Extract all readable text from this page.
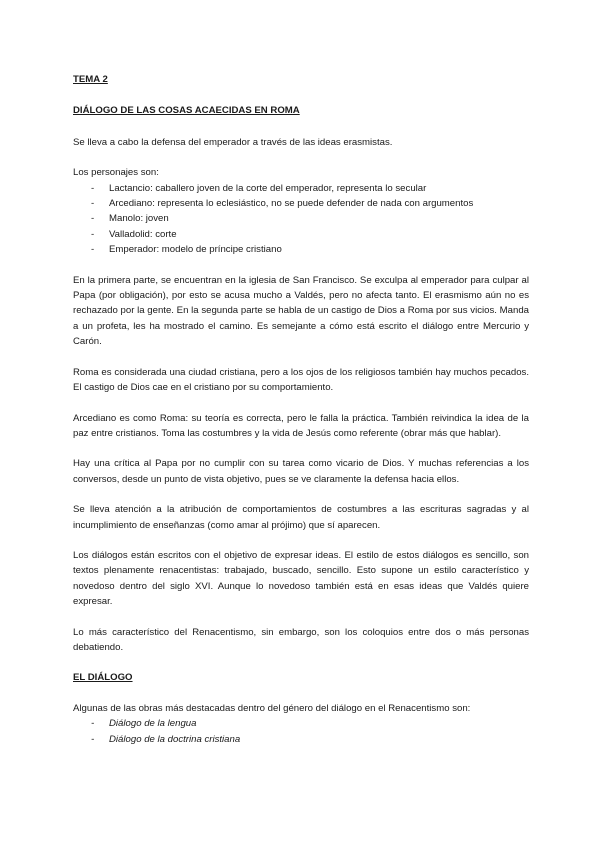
TEMA 2

DIÁLOGO DE LAS COSAS ACAECIDAS EN ROMA

Se lleva a cabo la defensa del emperador a través de las ideas erasmistas.

Los personajes son:

- Lactancio: caballero joven de la corte del emperador, representa lo secular
- Arcediano: representa lo eclesiástico, no se puede defender de nada con argumentos
- Manolo: joven
- Valladolid: corte
- Emperador: modelo de príncipe cristiano

En la primera parte, se encuentran en la iglesia de San Francisco. Se exculpa al emperador para culpar al Papa (por obligación), por esto se acusa mucho a Valdés, pero no afecta tanto. El erasmismo aún no es rechazado por la gente. En la segunda parte se habla de un castigo de Dios a Roma por sus vicios. Manda a un profeta, les ha mostrado el camino. Es semejante a cómo está escrito el diálogo entre Mercurio y Carón.

Roma es considerada una ciudad cristiana, pero a los ojos de los religiosos también hay muchos pecados. El castigo de Dios cae en el cristiano por su comportamiento.

Arcediano es como Roma: su teoría es correcta, pero le falla la práctica. También reivindica la idea de la paz entre cristianos. Toma las costumbres y la vida de Jesús como referente (obrar más que hablar).

Hay una crítica al Papa por no cumplir con su tarea como vicario de Dios. Y muchas referencias a los conversos, desde un punto de vista objetivo, pues se ve claramente la defensa hacia ellos.

Se lleva atención a la atribución de comportamientos de costumbres a las escrituras sagradas y al incumplimiento de enseñanzas (como amar al prójimo) que sí aparecen.

Los diálogos están escritos con el objetivo de expresar ideas. El estilo de estos diálogos es sencillo, son textos plenamente renacentistas: trabajado, buscado, sencillo. Esto supone un estilo característico y novedoso dentro del siglo XVI. Aunque lo novedoso también está en esas ideas que Valdés quiere expresar.

Lo más característico del Renacentismo, sin embargo, son los coloquios entre dos o más personas debatiendo.

EL DIÁLOGO

Algunas de las obras más destacadas dentro del género del diálogo en el Renacentismo son:

- Diálogo de la lengua
- Diálogo de la doctrina cristiana
